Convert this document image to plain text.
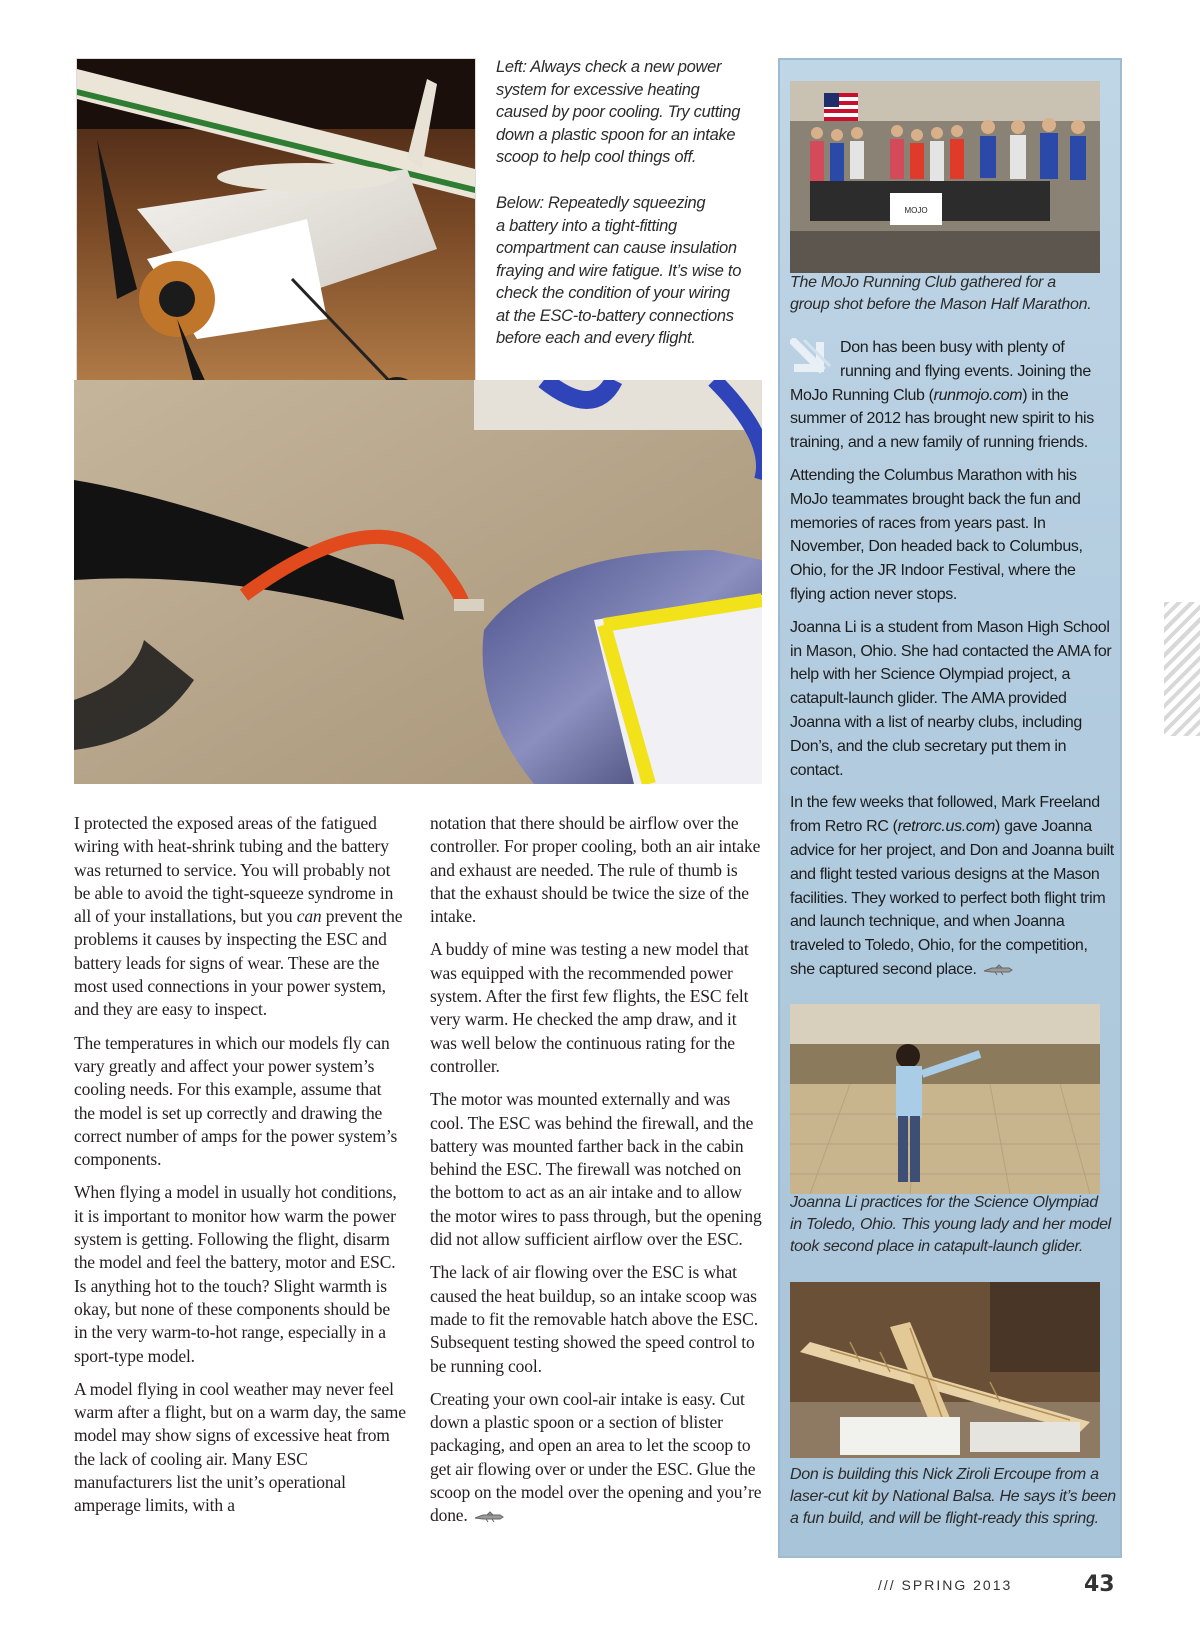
Left: Always check a new power
system for excessive heating
caused by poor cooling. Try cutting
down a plastic spoon for an intake
scoop to help cool things off.
Below: Repeatedly squeezing
a battery into a tight-fitting
compartment can cause insulation
fraying and wire fatigue. It’s wise to
check the condition of your wiring
at the ESC-to-battery connections
before each and every flight.

I protected the exposed areas of the fatigued wiring with heat-shrink tubing and the battery was returned to service. You will probably not be able to avoid the tight-squeeze syndrome in all of your installations, but you can prevent the problems it causes by inspecting the ESC and battery leads for signs of wear. These are the most used connections in your power system, and they are easy to inspect.

The temperatures in which our models fly can vary greatly and affect your power system’s cooling needs. For this example, assume that the model is set up correctly and drawing the correct number of amps for the power system’s components.

When flying a model in usually hot conditions, it is important to monitor how warm the power system is getting. Following the flight, disarm the model and feel the battery, motor and ESC. Is anything hot to the touch? Slight warmth is okay, but none of these components should be in the very warm-to-hot range, especially in a sport-type model.

A model flying in cool weather may never feel warm after a flight, but on a warm day, the same model may show signs of excessive heat from the lack of cooling air. Many ESC manufacturers list the unit’s operational amperage limits, with a

notation that there should be airflow over the controller. For proper cooling, both an air intake and exhaust are needed. The rule of thumb is that the exhaust should be twice the size of the intake.

A buddy of mine was testing a new model that was equipped with the recommended power system. After the first few flights, the ESC felt very warm. He checked the amp draw, and it was well below the continuous rating for the controller.

The motor was mounted externally and was cool. The ESC was behind the firewall, and the battery was mounted farther back in the cabin behind the ESC. The firewall was notched on the bottom to act as an air intake and to allow the motor wires to pass through, but the opening did not allow sufficient airflow over the ESC.

The lack of air flowing over the ESC is what caused the heat buildup, so an intake scoop was made to fit the removable hatch above the ESC. Subsequent testing showed the speed control to be running cool.

Creating your own cool-air intake is easy. Cut down a plastic spoon or a section of blister packaging, and open an area to let the scoop to get air flowing over or under the ESC. Glue the scoop on the model over the opening and you’re done.

MOJO
The MoJo Running Club gathered for a
group shot before the Mason Half Marathon.

Don has been busy with plenty of running and flying events. Joining the MoJo Running Club (runmojo.com) in the summer of 2012 has brought new spirit to his training, and a new family of running friends.

Attending the Columbus Marathon with his MoJo teammates brought back the fun and memories of races from years past. In November, Don headed back to Columbus, Ohio, for the JR Indoor Festival, where the flying action never stops.

Joanna Li is a student from Mason High School in Mason, Ohio. She had contacted the AMA for help with her Science Olympiad project, a catapult-launch glider. The AMA provided Joanna with a list of nearby clubs, including Don’s, and the club secretary put them in contact.

In the few weeks that followed, Mark Freeland from Retro RC (retrorc.us.com) gave Joanna advice for her project, and Don and Joanna built and flight tested various designs at the Mason facilities. They worked to perfect both flight trim and launch technique, and when Joanna traveled to Toledo, Ohio, for the competition, she captured second place.

Joanna Li practices for the Science Olympiad
in Toledo, Ohio. This young lady and her model
took second place in catapult-launch glider.
Don is building this Nick Ziroli Ercoupe from a
laser-cut kit by National Balsa. He says it’s been
a fun build, and will be flight-ready this spring.
/// SPRING 2013	43
